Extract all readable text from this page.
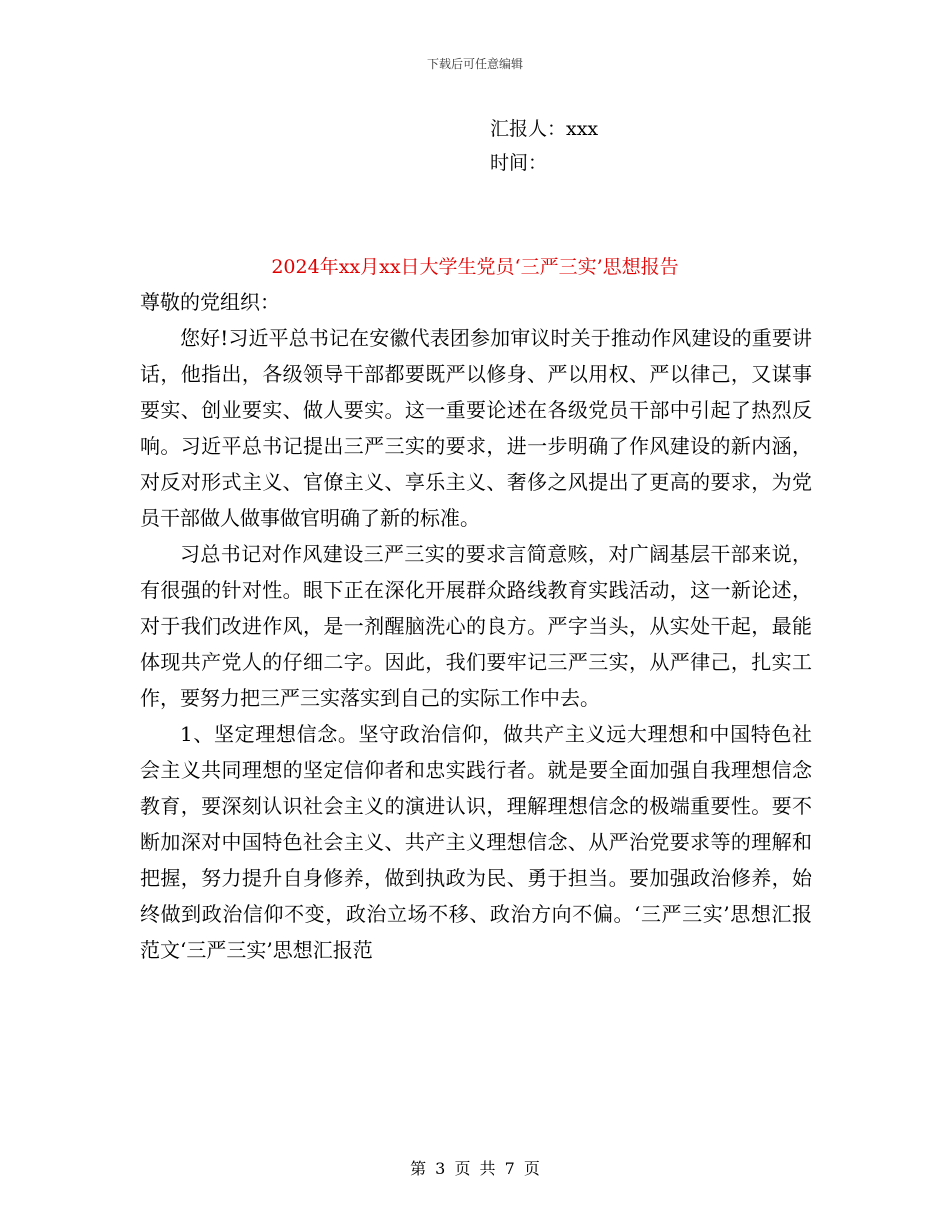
下载后可任意编辑
汇报人：xxx
时间：
2024年xx月xx日大学生党员‘三严三实’思想报告

尊敬的党组织：

您好!习近平总书记在安徽代表团参加审议时关于推动作风建设的重要讲话，他指出，各级领导干部都要既严以修身、严以用权、严以律己，又谋事要实、创业要实、做人要实。这一重要论述在各级党员干部中引起了热烈反响。习近平总书记提出三严三实的要求，进一步明确了作风建设的新内涵，对反对形式主义、官僚主义、享乐主义、奢侈之风提出了更高的要求，为党员干部做人做事做官明确了新的标准。

习总书记对作风建设三严三实的要求言简意赅，对广阔基层干部来说，有很强的针对性。眼下正在深化开展群众路线教育实践活动，这一新论述，对于我们改进作风，是一剂醒脑洗心的良方。严字当头，从实处干起，最能体现共产党人的仔细二字。因此，我们要牢记三严三实，从严律己，扎实工作，要努力把三严三实落实到自己的实际工作中去。

1、坚定理想信念。坚守政治信仰，做共产主义远大理想和中国特色社会主义共同理想的坚定信仰者和忠实践行者。就是要全面加强自我理想信念教育，要深刻认识社会主义的演进认识，理解理想信念的极端重要性。要不断加深对中国特色社会主义、共产主义理想信念、从严治党要求等的理解和把握，努力提升自身修养，做到执政为民、勇于担当。要加强政治修养，始终做到政治信仰不变，政治立场不移、政治方向不偏。‘三严三实’思想汇报范文‘三严三实’思想汇报范

第 3 页 共 7 页
